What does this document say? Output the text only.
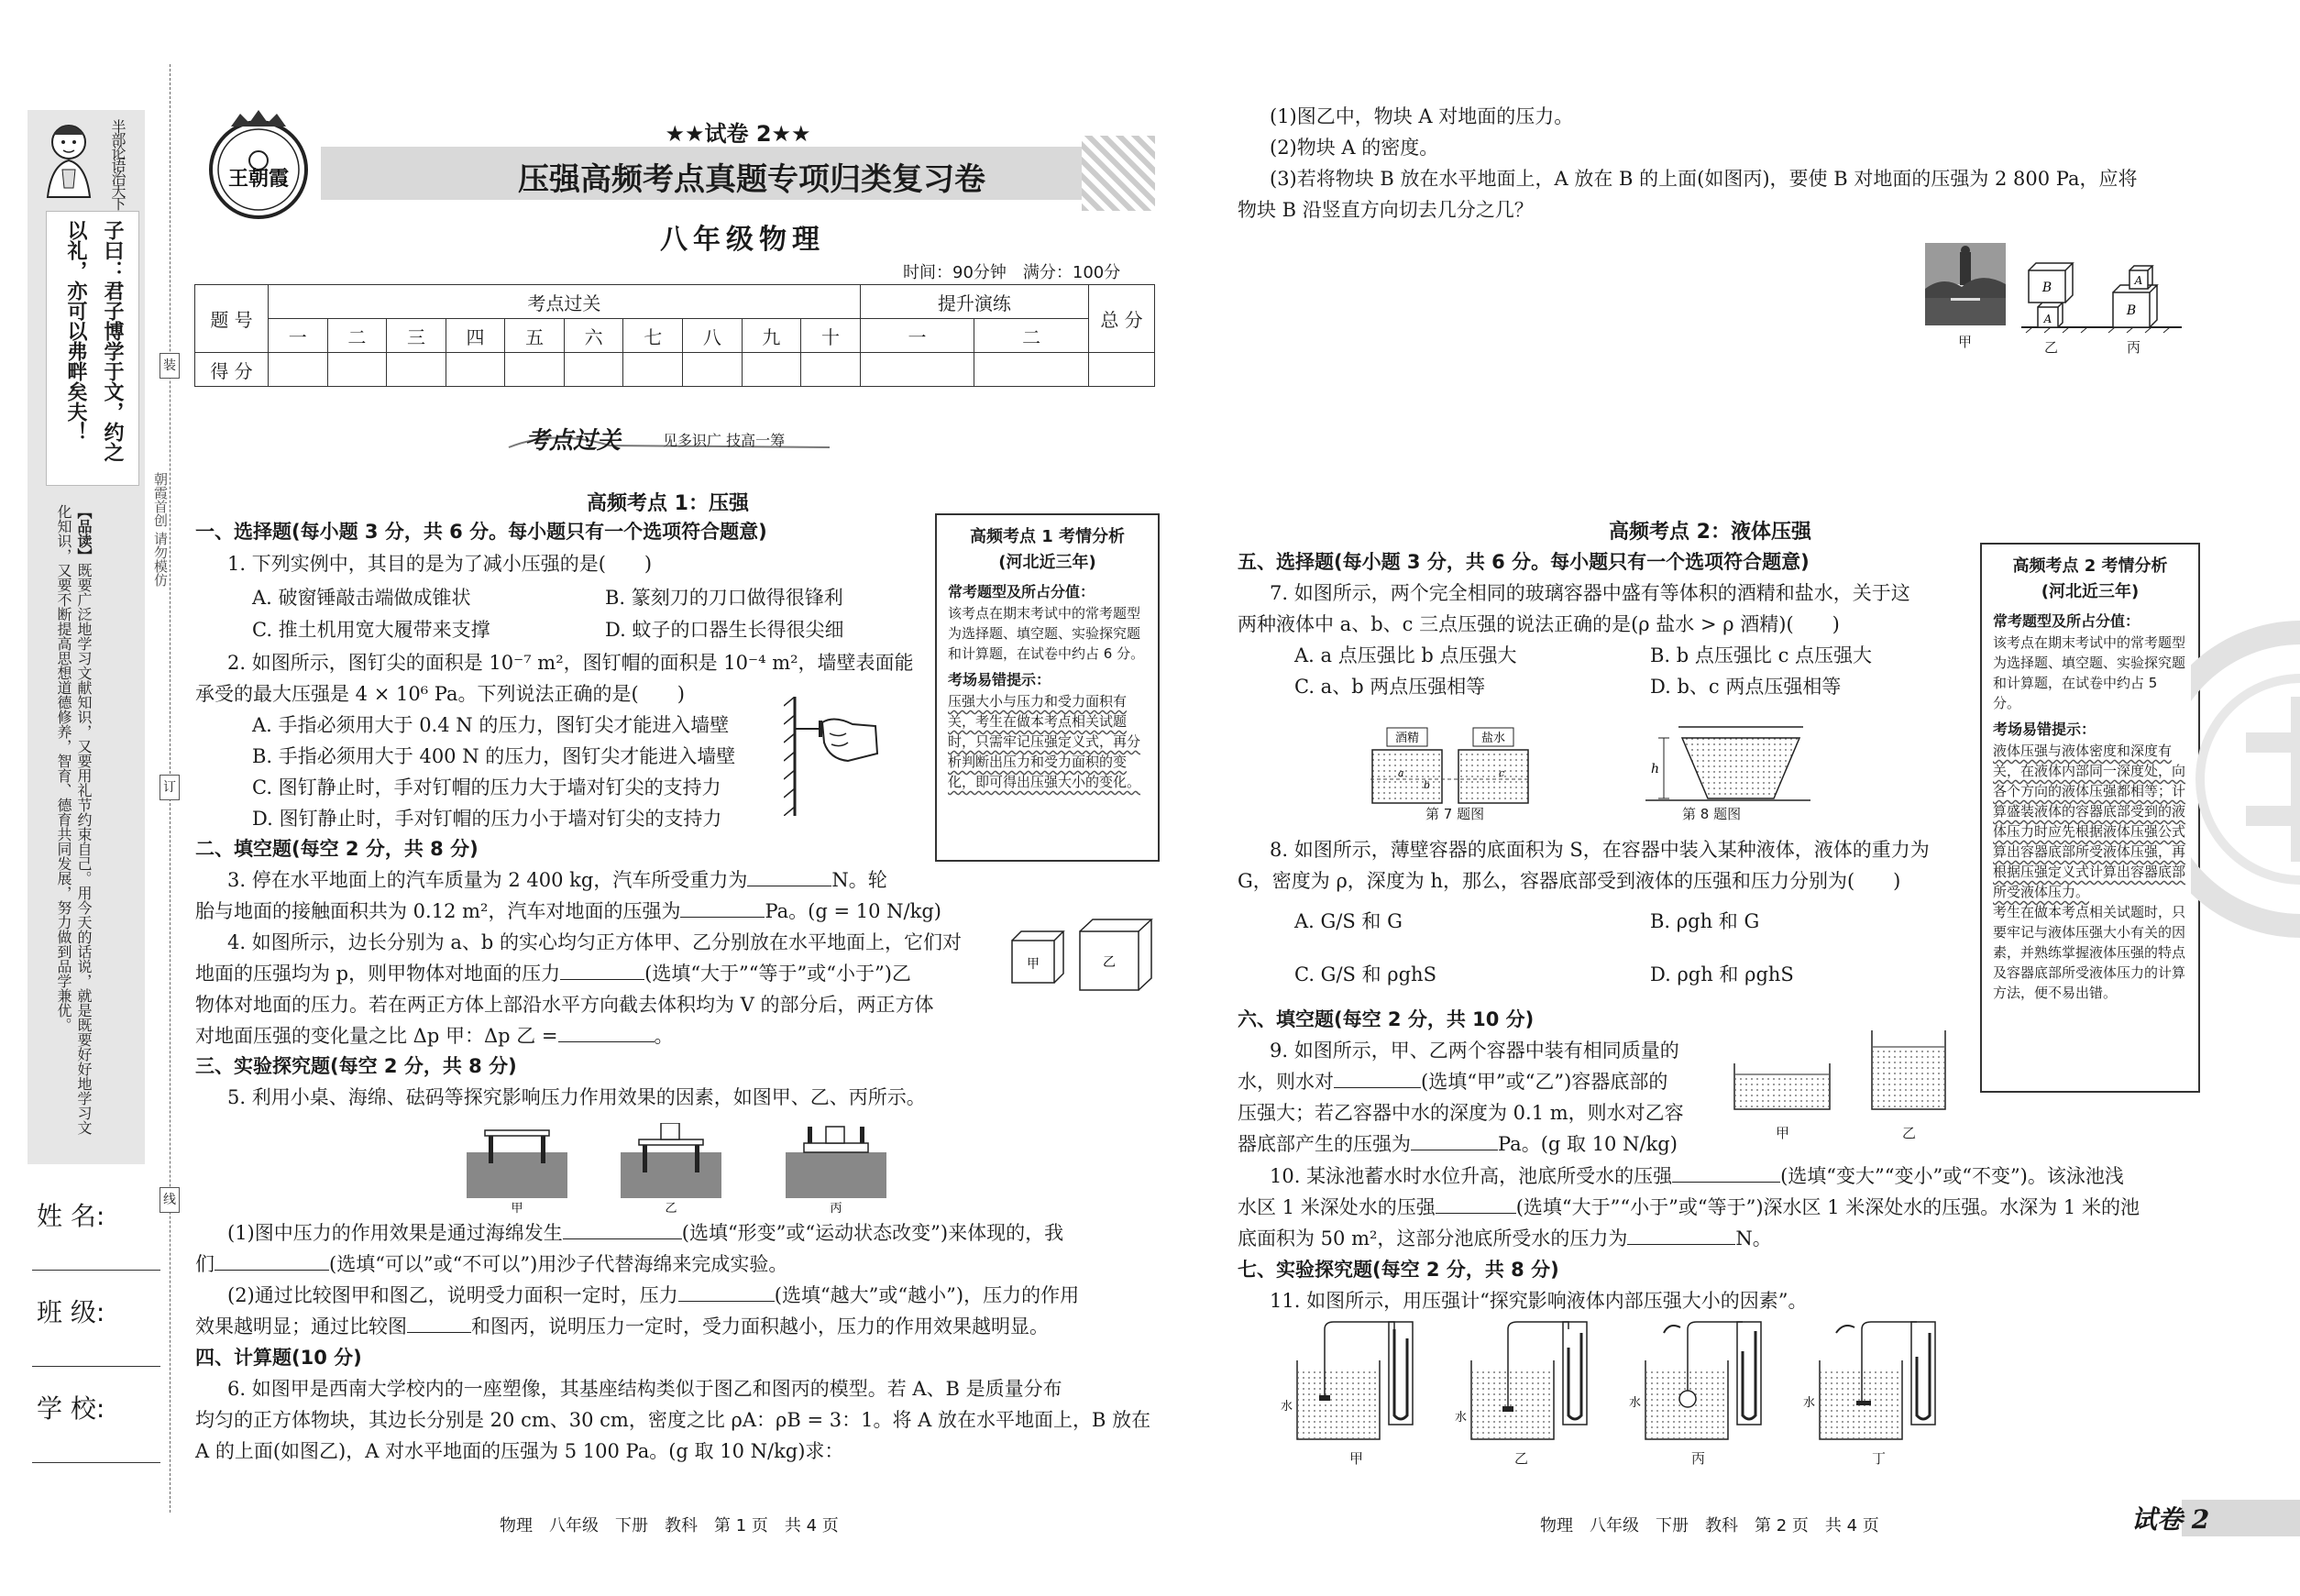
半部论语治天下
子曰：君子博学于文，约之以礼，亦可以弗畔矣夫！
【品读】既要广泛地学习文献知识，又要用礼节约束自己。用今天的话说，就是既要好好地学习文化知识，又要不断提高思想道德修养，智育、德育共同发展，努力做到品学兼优。	朝霞首创 请勿模仿
装
订
线
姓 名:
班 级:
学 校:
王朝霞
★★试卷 2★★
压强高频考点真题专项归类复习卷
八年级物理
时间：90分钟　满分：100分
题 号	考点过关										提升演练		总 分
	一	二	三	四	五	六	七	八	九	十	一	二	
得 分													
考点过关	见多识广 技高一筹
高频考点 1：压强
一、选择题(每小题 3 分，共 6 分。每小题只有一个选项符合题意)
1. 下列实例中，其目的是为了减小压强的是(　　)
A. 破窗锤敲击端做成锥状	B. 篆刻刀的刀口做得很锋利
C. 推土机用宽大履带来支撑	D. 蚊子的口器生长得很尖细
2. 如图所示，图钉尖的面积是 10⁻⁷ m²，图钉帽的面积是 10⁻⁴ m²，墙壁表面能
承受的最大压强是 4 × 10⁶ Pa。下列说法正确的是(　　)
A. 手指必须用大于 0.4 N 的压力，图钉尖才能进入墙壁
B. 手指必须用大于 400 N 的压力，图钉尖才能进入墙壁
C. 图钉静止时，手对钉帽的压力大于墙对钉尖的支持力
D. 图钉静止时，手对钉帽的压力小于墙对钉尖的支持力
二、填空题(每空 2 分，共 8 分)
3. 停在水平地面上的汽车质量为 2 400 kg，汽车所受重力为	N。轮
胎与地面的接触面积共为 0.12 m²，汽车对地面的压强为	Pa。(g = 10 N/kg)
4. 如图所示，边长分别为 a、b 的实心均匀正方体甲、乙分别放在水平地面上，它们对
地面的压强均为 p，则甲物体对地面的压力	(选填“大于”“等于”或“小于”)乙
物体对地面的压力。若在两正方体上部沿水平方向截去体积均为 V 的部分后，两正方体
对地面压强的变化量之比 Δp 甲：Δp 乙 =	。
甲	乙
三、实验探究题(每空 2 分，共 8 分)
5. 利用小桌、海绵、砝码等探究影响压力作用效果的因素，如图甲、乙、丙所示。
甲	乙	丙
(1)图中压力的作用效果是通过海绵发生	(选填“形变”或“运动状态改变”)来体现的，我
们	(选填“可以”或“不可以”)用沙子代替海绵来完成实验。
(2)通过比较图甲和图乙，说明受力面积一定时，压力	(选填“越大”或“越小”)，压力的作用
效果越明显；通过比较图	和图丙，说明压力一定时，受力面积越小，压力的作用效果越明显。
四、计算题(10 分)
6. 如图甲是西南大学校内的一座塑像，其基座结构类似于图乙和图丙的模型。若 A、B 是质量分布
均匀的正方体物块，其边长分别是 20 cm、30 cm，密度之比 ρA：ρB = 3：1。将 A 放在水平地面上，B 放在
A 的上面(如图乙)，A 对水平地面的压强为 5 100 Pa。(g 取 10 N/kg)求：
高频考点 1 考情分析
(河北近三年)
常考题型及所占分值：
该考点在期末考试中的常考题型为选择题、填空题、实验探究题和计算题，在试卷中约占 6 分。
考场易错提示：
压强大小与压力和受力面积有关，考生在做本考点相关试题时，只需牢记压强定义式，再分析判断出压力和受力面积的变化，即可得出压强大小的变化。
物理　八年级　下册　教科　第 1 页　共 4 页
(1)图乙中，物块 A 对地面的压力。
(2)物块 A 的密度。
(3)若将物块 B 放在水平地面上，A 放在 B 的上面(如图丙)，要使 B 对地面的压强为 2 800 Pa，应将
物块 B 沿竖直方向切去几分之几？
甲
B
A
A
B
乙	丙
高频考点 2：液体压强
五、选择题(每小题 3 分，共 6 分。每小题只有一个选项符合题意)
7. 如图所示，两个完全相同的玻璃容器中盛有等体积的酒精和盐水，关于这
两种液体中 a、b、c 三点压强的说法正确的是(ρ 盐水 > ρ 酒精)(　　)
A. a 点压强比 b 点压强大	B. b 点压强比 c 点压强大
C. a、b 两点压强相等	D. b、c 两点压强相等
酒精	盐水
a
b
c
第 7 题图
h
第 8 题图
8. 如图所示，薄壁容器的底面积为 S，在容器中装入某种液体，液体的重力为
G，密度为 ρ，深度为 h，那么，容器底部受到液体的压强和压力分别为(　　)
A. G/S 和 G	B. ρgh 和 G
C. G/S 和 ρghS	D. ρgh 和 ρghS
六、填空题(每空 2 分，共 10 分)
9. 如图所示，甲、乙两个容器中装有相同质量的
水，则水对	(选填“甲”或“乙”)容器底部的
压强大；若乙容器中水的深度为 0.1 m，则水对乙容
器底部产生的压强为	Pa。(g 取 10 N/kg)	甲	乙
10. 某泳池蓄水时水位升高，池底所受水的压强	(选填“变大”“变小”或“不变”)。该泳池浅
水区 1 米深处水的压强	(选填“大于”“小于”或“等于”)深水区 1 米深处水的压强。水深为 1 米的池
底面积为 50 m²，这部分池底所受水的压力为	N。
七、实验探究题(每空 2 分，共 8 分)
11. 如图所示，用压强计“探究影响液体内部压强大小的因素”。
水
水
水	水
甲	乙	丙	丁
高频考点 2 考情分析
(河北近三年)
常考题型及所占分值：
该考点在期末考试中的常考题型为选择题、填空题、实验探究题和计算题，在试卷中约占 5 分。
考场易错提示：
液体压强与液体密度和深度有关，在液体内部同一深度处，向各个方向的液体压强都相等；计算盛装液体的容器底部受到的液体压力时应先根据液体压强公式算出容器底部所受液体压强，再根据压强定义式计算出容器底部所受液体压力。
考生在做本考点相关试题时，只要牢记与液体压强大小有关的因素，并熟练掌握液体压强的特点及容器底部所受液体压力的计算方法，便不易出错。
物理　八年级　下册　教科　第 2 页　共 4 页	试卷 2
